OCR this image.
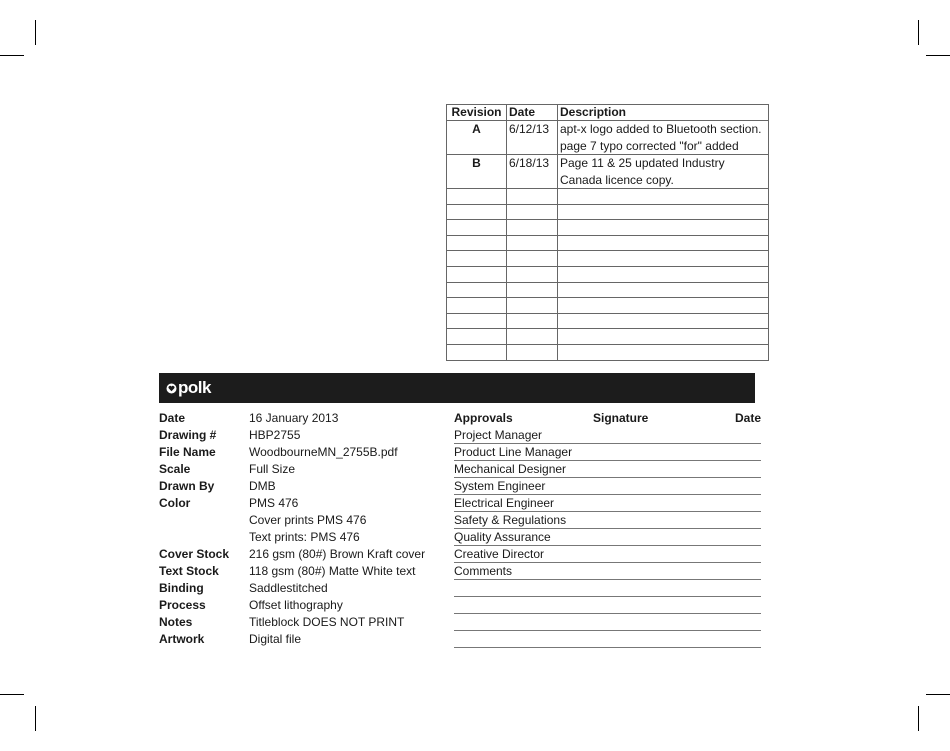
Revision	Date	Description
A	6/12/13	apt-x logo added to Bluetooth section.
page 7 typo corrected "for" added

B	6/18/13	Page 11 & 25 updated Industry
Canada licence copy.

polk
Date	16 January 2013
Drawing #	HBP2755
File Name	WoodbourneMN_2755B.pdf
Scale	Full Size
Drawn By	DMB
Color	PMS 476
Cover prints PMS 476
Text prints: PMS 476
Cover Stock 216 gsm (80#) Brown Kraft cover
Text Stock	118 gsm (80#) Matte White text
Binding	Saddlestitched
Process	Offset lithography
Notes	Titleblock DOES NOT PRINT
Artwork	Digital file
Approvals	Signature	Date
Project Manager
Product Line Manager
Mechanical Designer
System Engineer
Electrical Engineer
Safety & Regulations
Quality Assurance
Creative Director
Comments
